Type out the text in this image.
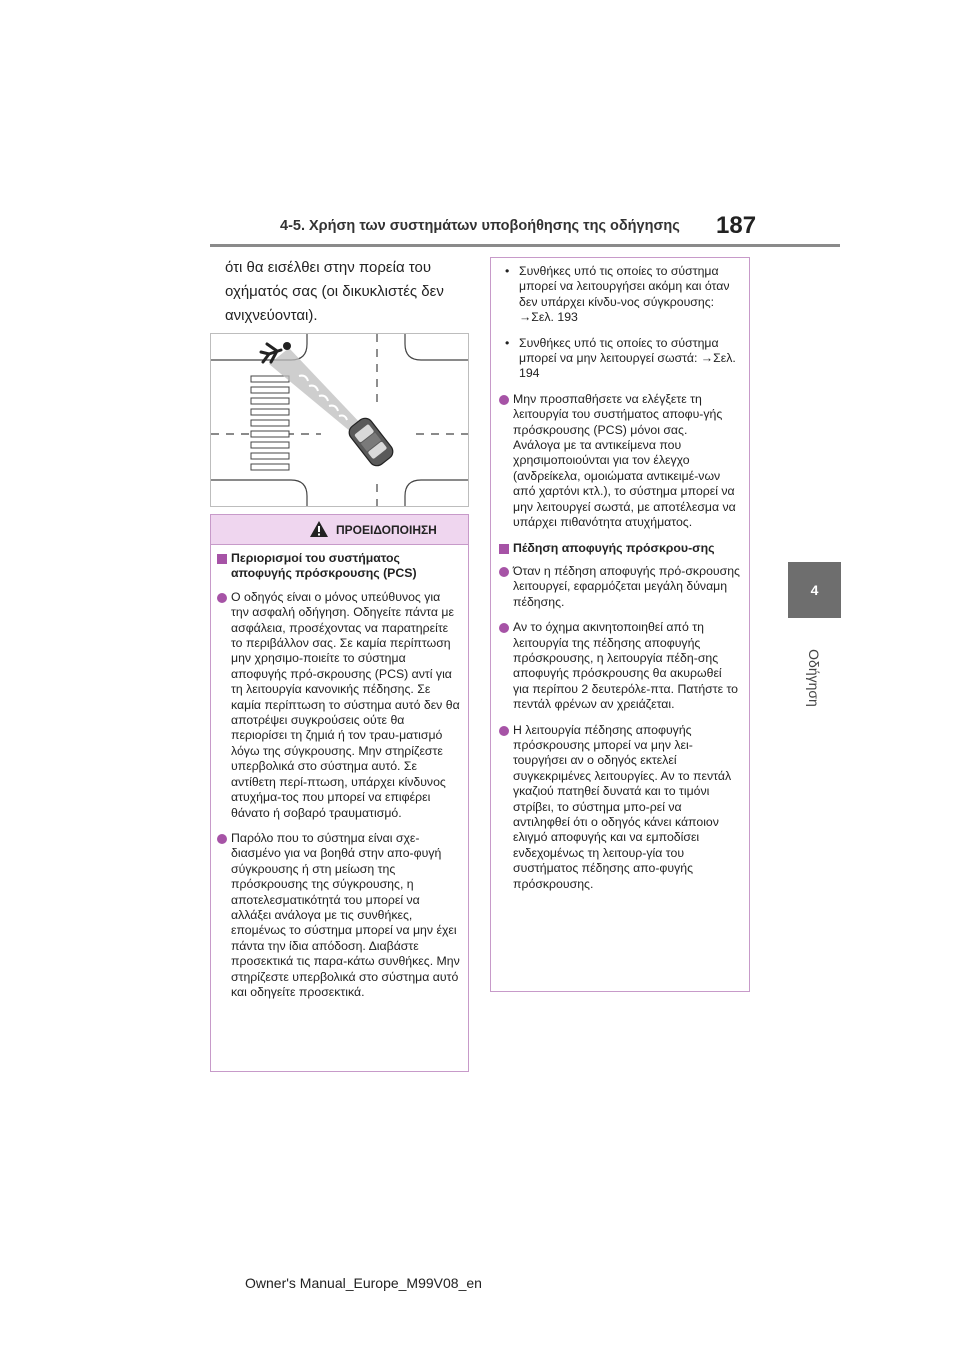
4-5. Χρήση των συστημάτων υποβοήθησης της οδήγησης 187
4
Οδήγηση
ότι θα εισέλθει στην πορεία του οχήματός σας (οι δικυκλιστές δεν ανιχνεύονται).
ΠΡΟΕΙΔΟΠΟΙΗΣΗ
Περιορισμοί του συστήματος αποφυγής πρόσκρουσης (PCS)
Ο οδηγός είναι ο μόνος υπεύθυνος για την ασφαλή οδήγηση. Οδηγείτε πάντα με ασφάλεια, προσέχοντας να παρατηρείτε το περιβάλλον σας. Σε καμία περίπτωση μην χρησιμο-ποιείτε το σύστημα αποφυγής πρό-σκρουσης (PCS) αντί για τη λειτουργία κανονικής πέδησης. Σε καμία περίπτωση το σύστημα αυτό δεν θα αποτρέψει συγκρούσεις ούτε θα περιορίσει τη ζημιά ή τον τραυ-ματισμό λόγω της σύγκρουσης. Μην στηρίζεστε υπερβολικά στο σύστημα αυτό. Σε αντίθετη περί-πτωση, υπάρχει κίνδυνος ατυχήμα-τος που μπορεί να επιφέρει θάνατο ή σοβαρό τραυματισμό.
Παρόλο που το σύστημα είναι σχε-διασμένο για να βοηθά στην απο-φυγή σύγκρουσης ή στη μείωση της πρόσκρουσης της σύγκρουσης, η αποτελεσματικότητά του μπορεί να αλλάξει ανάλογα με τις συνθήκες, επομένως το σύστημα μπορεί να μην έχει πάντα την ίδια απόδοση. Διαβάστε προσεκτικά τις παρα-κάτω συνθήκες. Μην στηρίζεστε υπερβολικά στο σύστημα αυτό και οδηγείτε προσεκτικά.
• Συνθήκες υπό τις οποίες το σύστημα μπορεί να λειτουργήσει ακόμη και όταν δεν υπάρχει κίνδυ-νος σύγκρουσης: →Σελ. 193
• Συνθήκες υπό τις οποίες το σύστημα μπορεί να μην λειτουργεί σωστά: →Σελ. 194
Μην προσπαθήσετε να ελέγξετε τη λειτουργία του συστήματος αποφυ-γής πρόσκρουσης (PCS) μόνοι σας.
Ανάλογα με τα αντικείμενα που χρησιμοποιούνται για τον έλεγχο (ανδρείκελα, ομοιώματα αντικειμέ-νων από χαρτόνι κτλ.), το σύστημα μπορεί να μην λειτουργεί σωστά, με αποτέλεσμα να υπάρχει πιθανότητα ατυχήματος.
Πέδηση αποφυγής πρόσκρου-σης
Όταν η πέδηση αποφυγής πρό-σκρουσης λειτουργεί, εφαρμόζεται μεγάλη δύναμη πέδησης.
Αν το όχημα ακινητοποιηθεί από τη λειτουργία της πέδησης αποφυγής πρόσκρουσης, η λειτουργία πέδη-σης αποφυγής πρόσκρουσης θα ακυρωθεί για περίπου 2 δευτερόλε-πτα. Πατήστε το πεντάλ φρένων αν χρειάζεται.
Η λειτουργία πέδησης αποφυγής πρόσκρουσης μπορεί να μην λει-τουργήσει αν ο οδηγός εκτελεί συγκεκριμένες λειτουργίες. Αν το πεντάλ γκαζιού πατηθεί δυνατά και το τιμόνι στρίβει, το σύστημα μπο-ρεί να αντιληφθεί ότι ο οδηγός κάνει κάποιον ελιγμό αποφυγής και να εμποδίσει ενδεχομένως τη λειτουρ-γία του συστήματος πέδησης απο-φυγής πρόσκρουσης.
Owner's Manual_Europe_M99V08_en
